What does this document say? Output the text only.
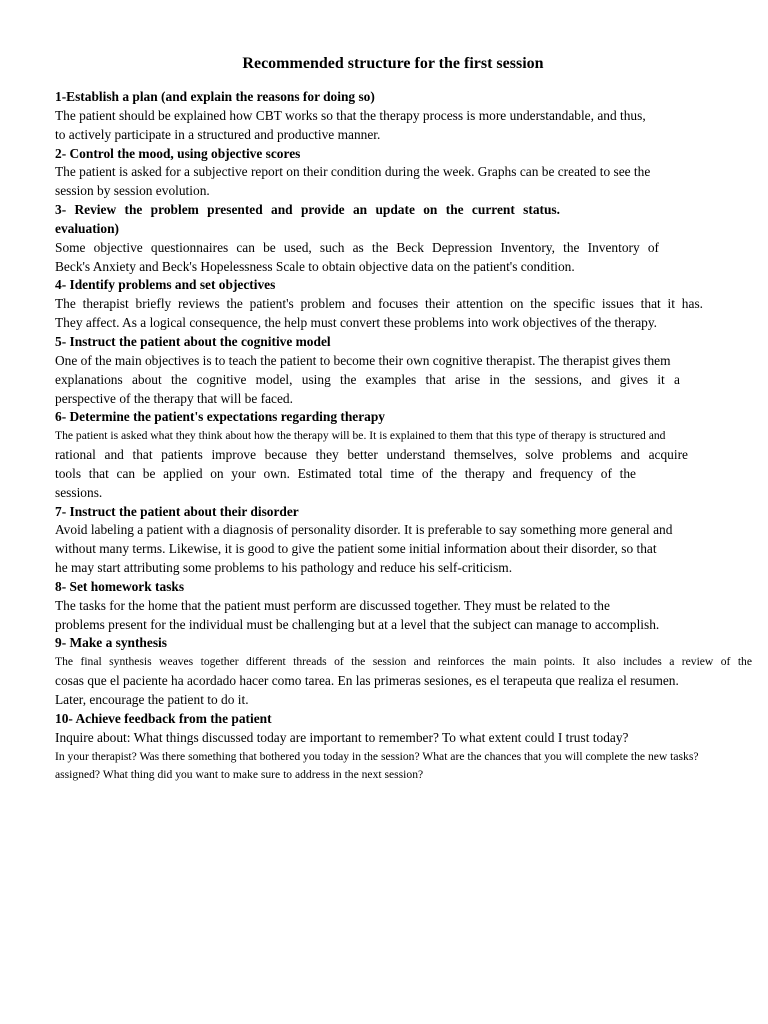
Recommended structure for the first session
1-Establish a plan (and explain the reasons for doing so)
The patient should be explained how CBT works so that the therapy process is more understandable, and thus,
to actively participate in a structured and productive manner.
2- Control the mood, using objective scores
The patient is asked for a subjective report on their condition during the week. Graphs can be created to see the
session by session evolution.
3- Review the problem presented and provide an update on the current status.
evaluation)
Some objective questionnaires can be used, such as the Beck Depression Inventory, the Inventory of
Beck's Anxiety and Beck's Hopelessness Scale to obtain objective data on the patient's condition.
4- Identify problems and set objectives
The therapist briefly reviews the patient's problem and focuses their attention on the specific issues that it has.
They affect. As a logical consequence, the help must convert these problems into work objectives of the therapy.
5- Instruct the patient about the cognitive model
One of the main objectives is to teach the patient to become their own cognitive therapist. The therapist gives them
explanations about the cognitive model, using the examples that arise in the sessions, and gives it a
perspective of the therapy that will be faced.
6- Determine the patient's expectations regarding therapy
The patient is asked what they think about how the therapy will be. It is explained to them that this type of therapy is structured and
rational and that patients improve because they better understand themselves, solve problems and acquire
tools that can be applied on your own. Estimated total time of the therapy and frequency of the
sessions.
7- Instruct the patient about their disorder
Avoid labeling a patient with a diagnosis of personality disorder. It is preferable to say something more general and
without many terms. Likewise, it is good to give the patient some initial information about their disorder, so that
he may start attributing some problems to his pathology and reduce his self-criticism.
8- Set homework tasks
The tasks for the home that the patient must perform are discussed together. They must be related to the
problems present for the individual must be challenging but at a level that the subject can manage to accomplish.
9- Make a synthesis
The final synthesis weaves together different threads of the session and reinforces the main points. It also includes a review of the
cosas que el paciente ha acordado hacer como tarea. En las primeras sesiones, es el terapeuta que realiza el resumen.
Later, encourage the patient to do it.
10- Achieve feedback from the patient
Inquire about: What things discussed today are important to remember? To what extent could I trust today?
In your therapist? Was there something that bothered you today in the session? What are the chances that you will complete the new tasks?
assigned? What thing did you want to make sure to address in the next session?
